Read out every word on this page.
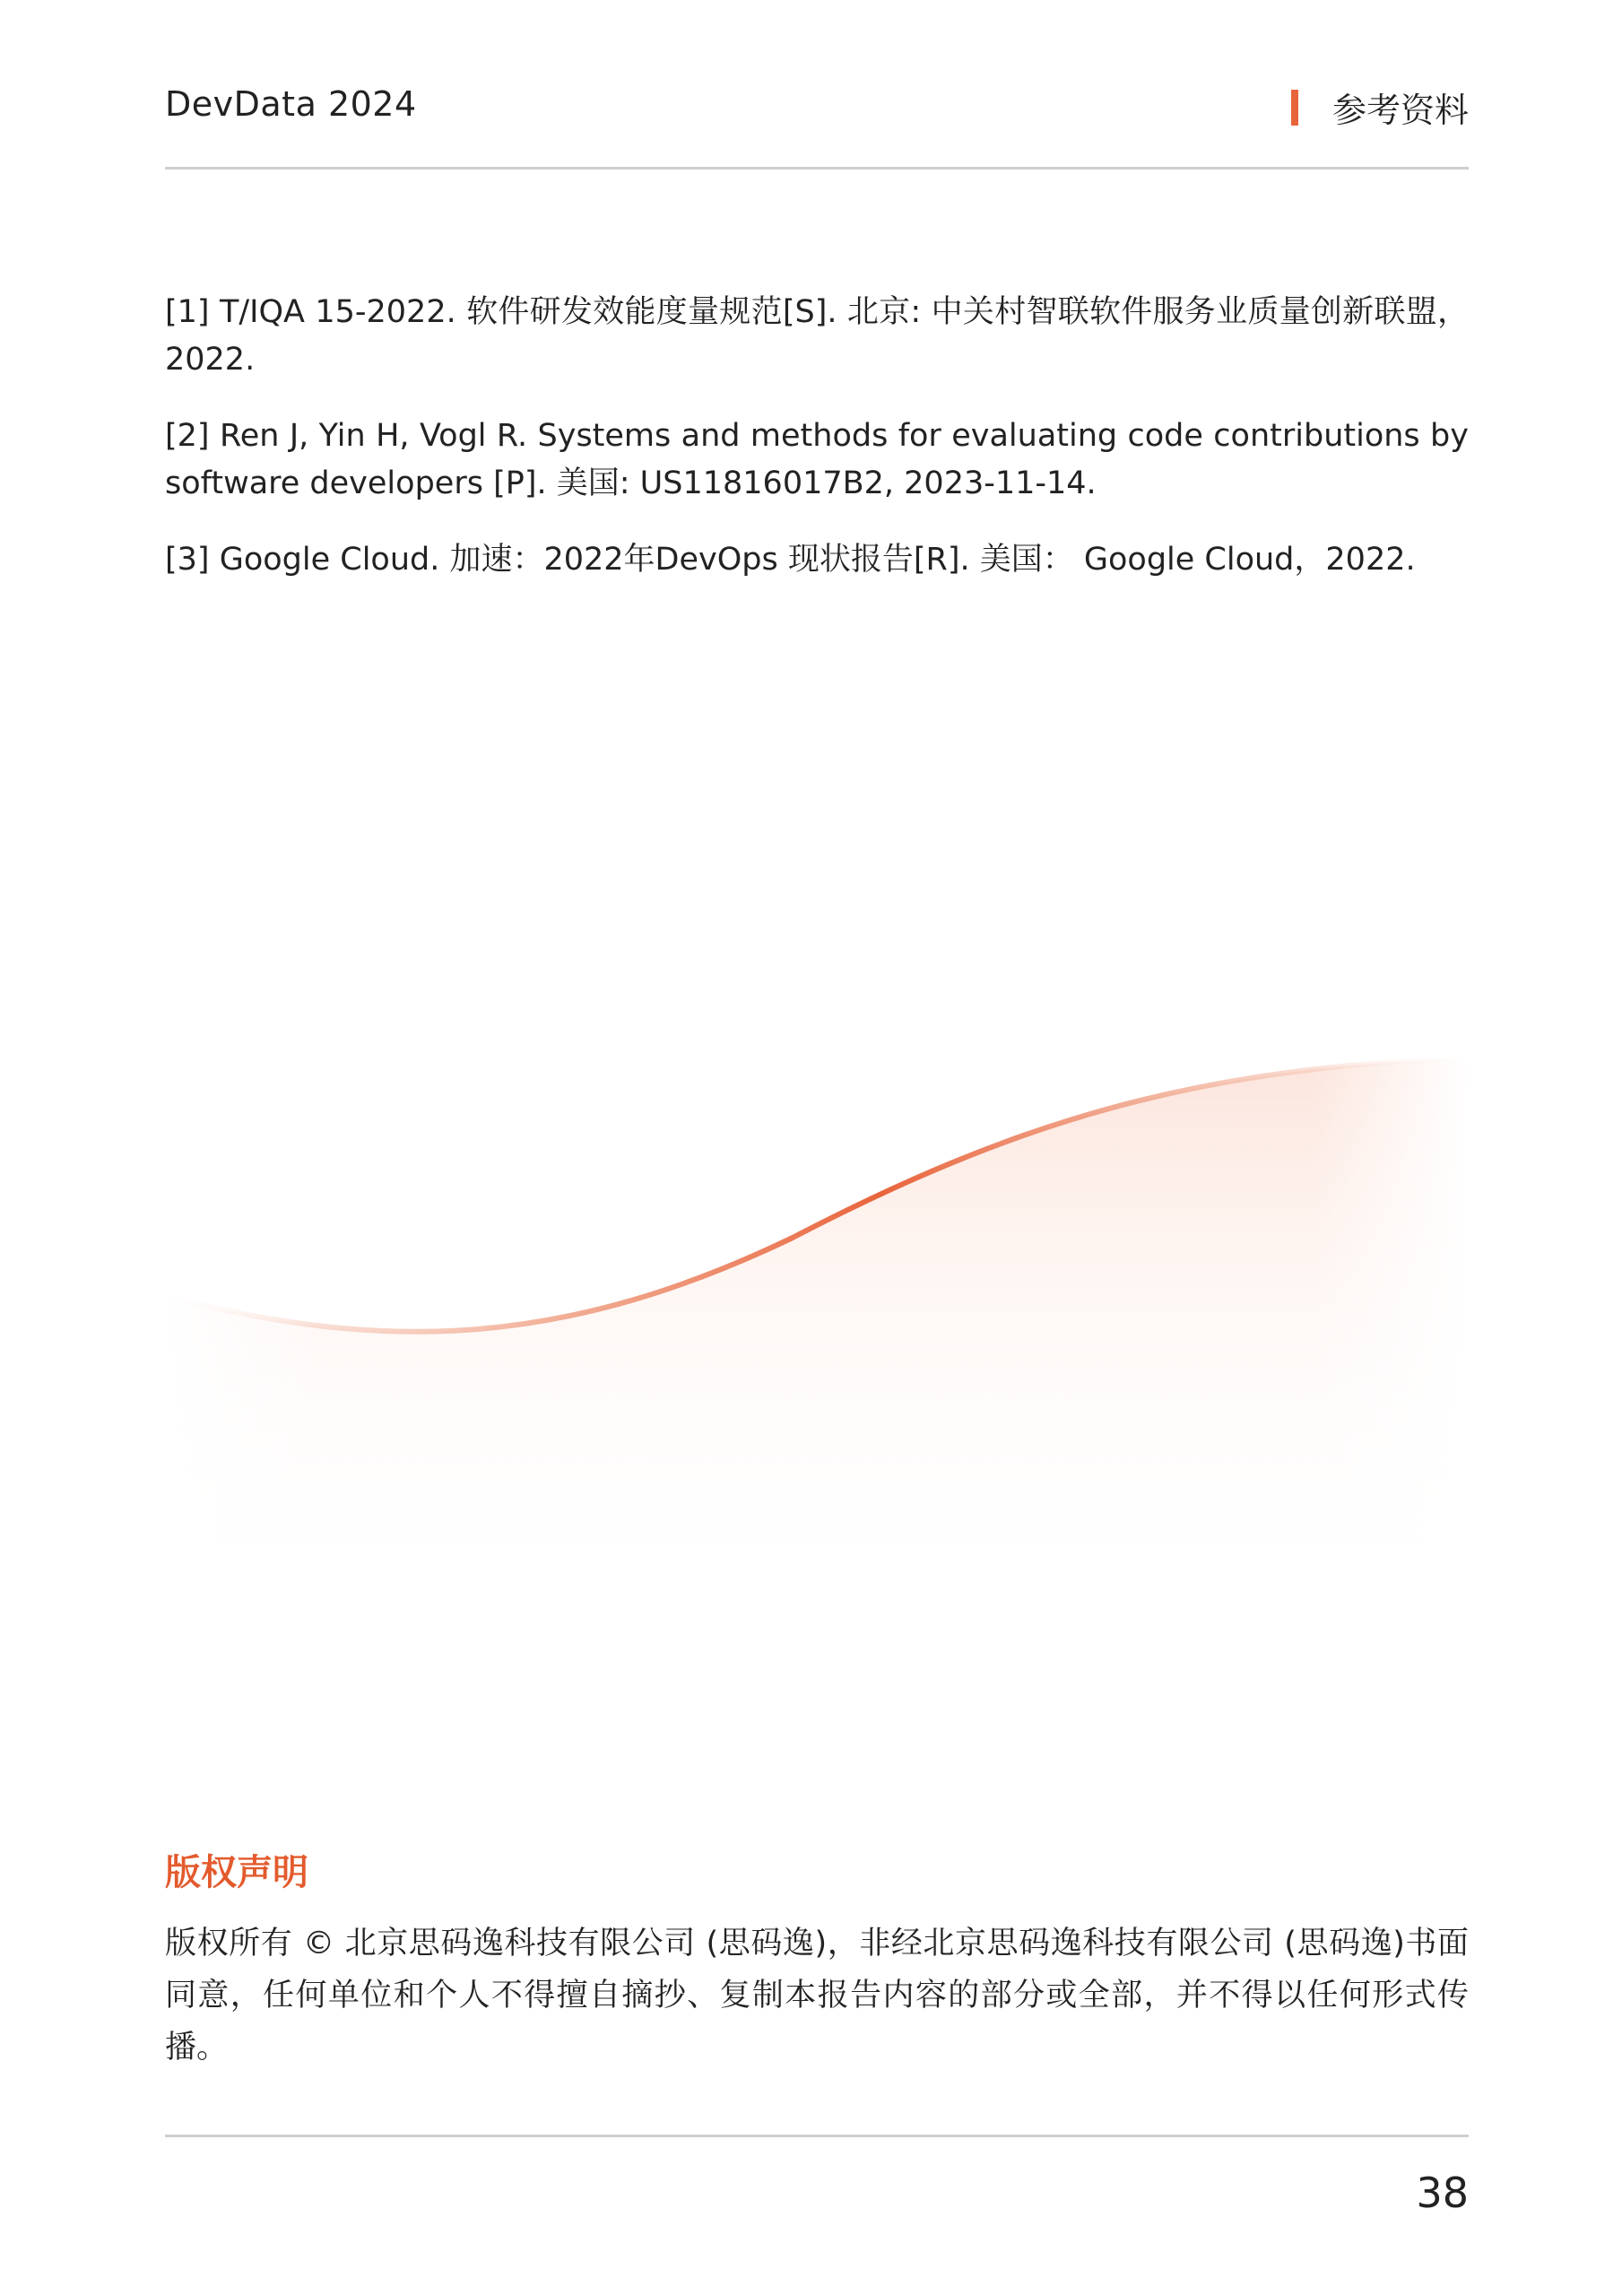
DevData 2024	参考资料

[1] T/IQA 15-2022. 软件研发效能度量规范[S]. 北京: 中关村智联软件服务业质量创新联盟，2022.

[2] Ren J, Yin H, Vogl R. Systems and methods for evaluating code contributions by software developers [P]. 美国: US11816017B2, 2023-11-14.

[3] Google Cloud. 加速：2022年DevOps 现状报告[R]. 美国： Google Cloud，2022.

版权声明
版权所有 © 北京思码逸科技有限公司 (思码逸)，非经北京思码逸科技有限公司 (思码逸)书面同意，任何单位和个人不得擅自摘抄、复制本报告内容的部分或全部，并不得以任何形式传播。
38
